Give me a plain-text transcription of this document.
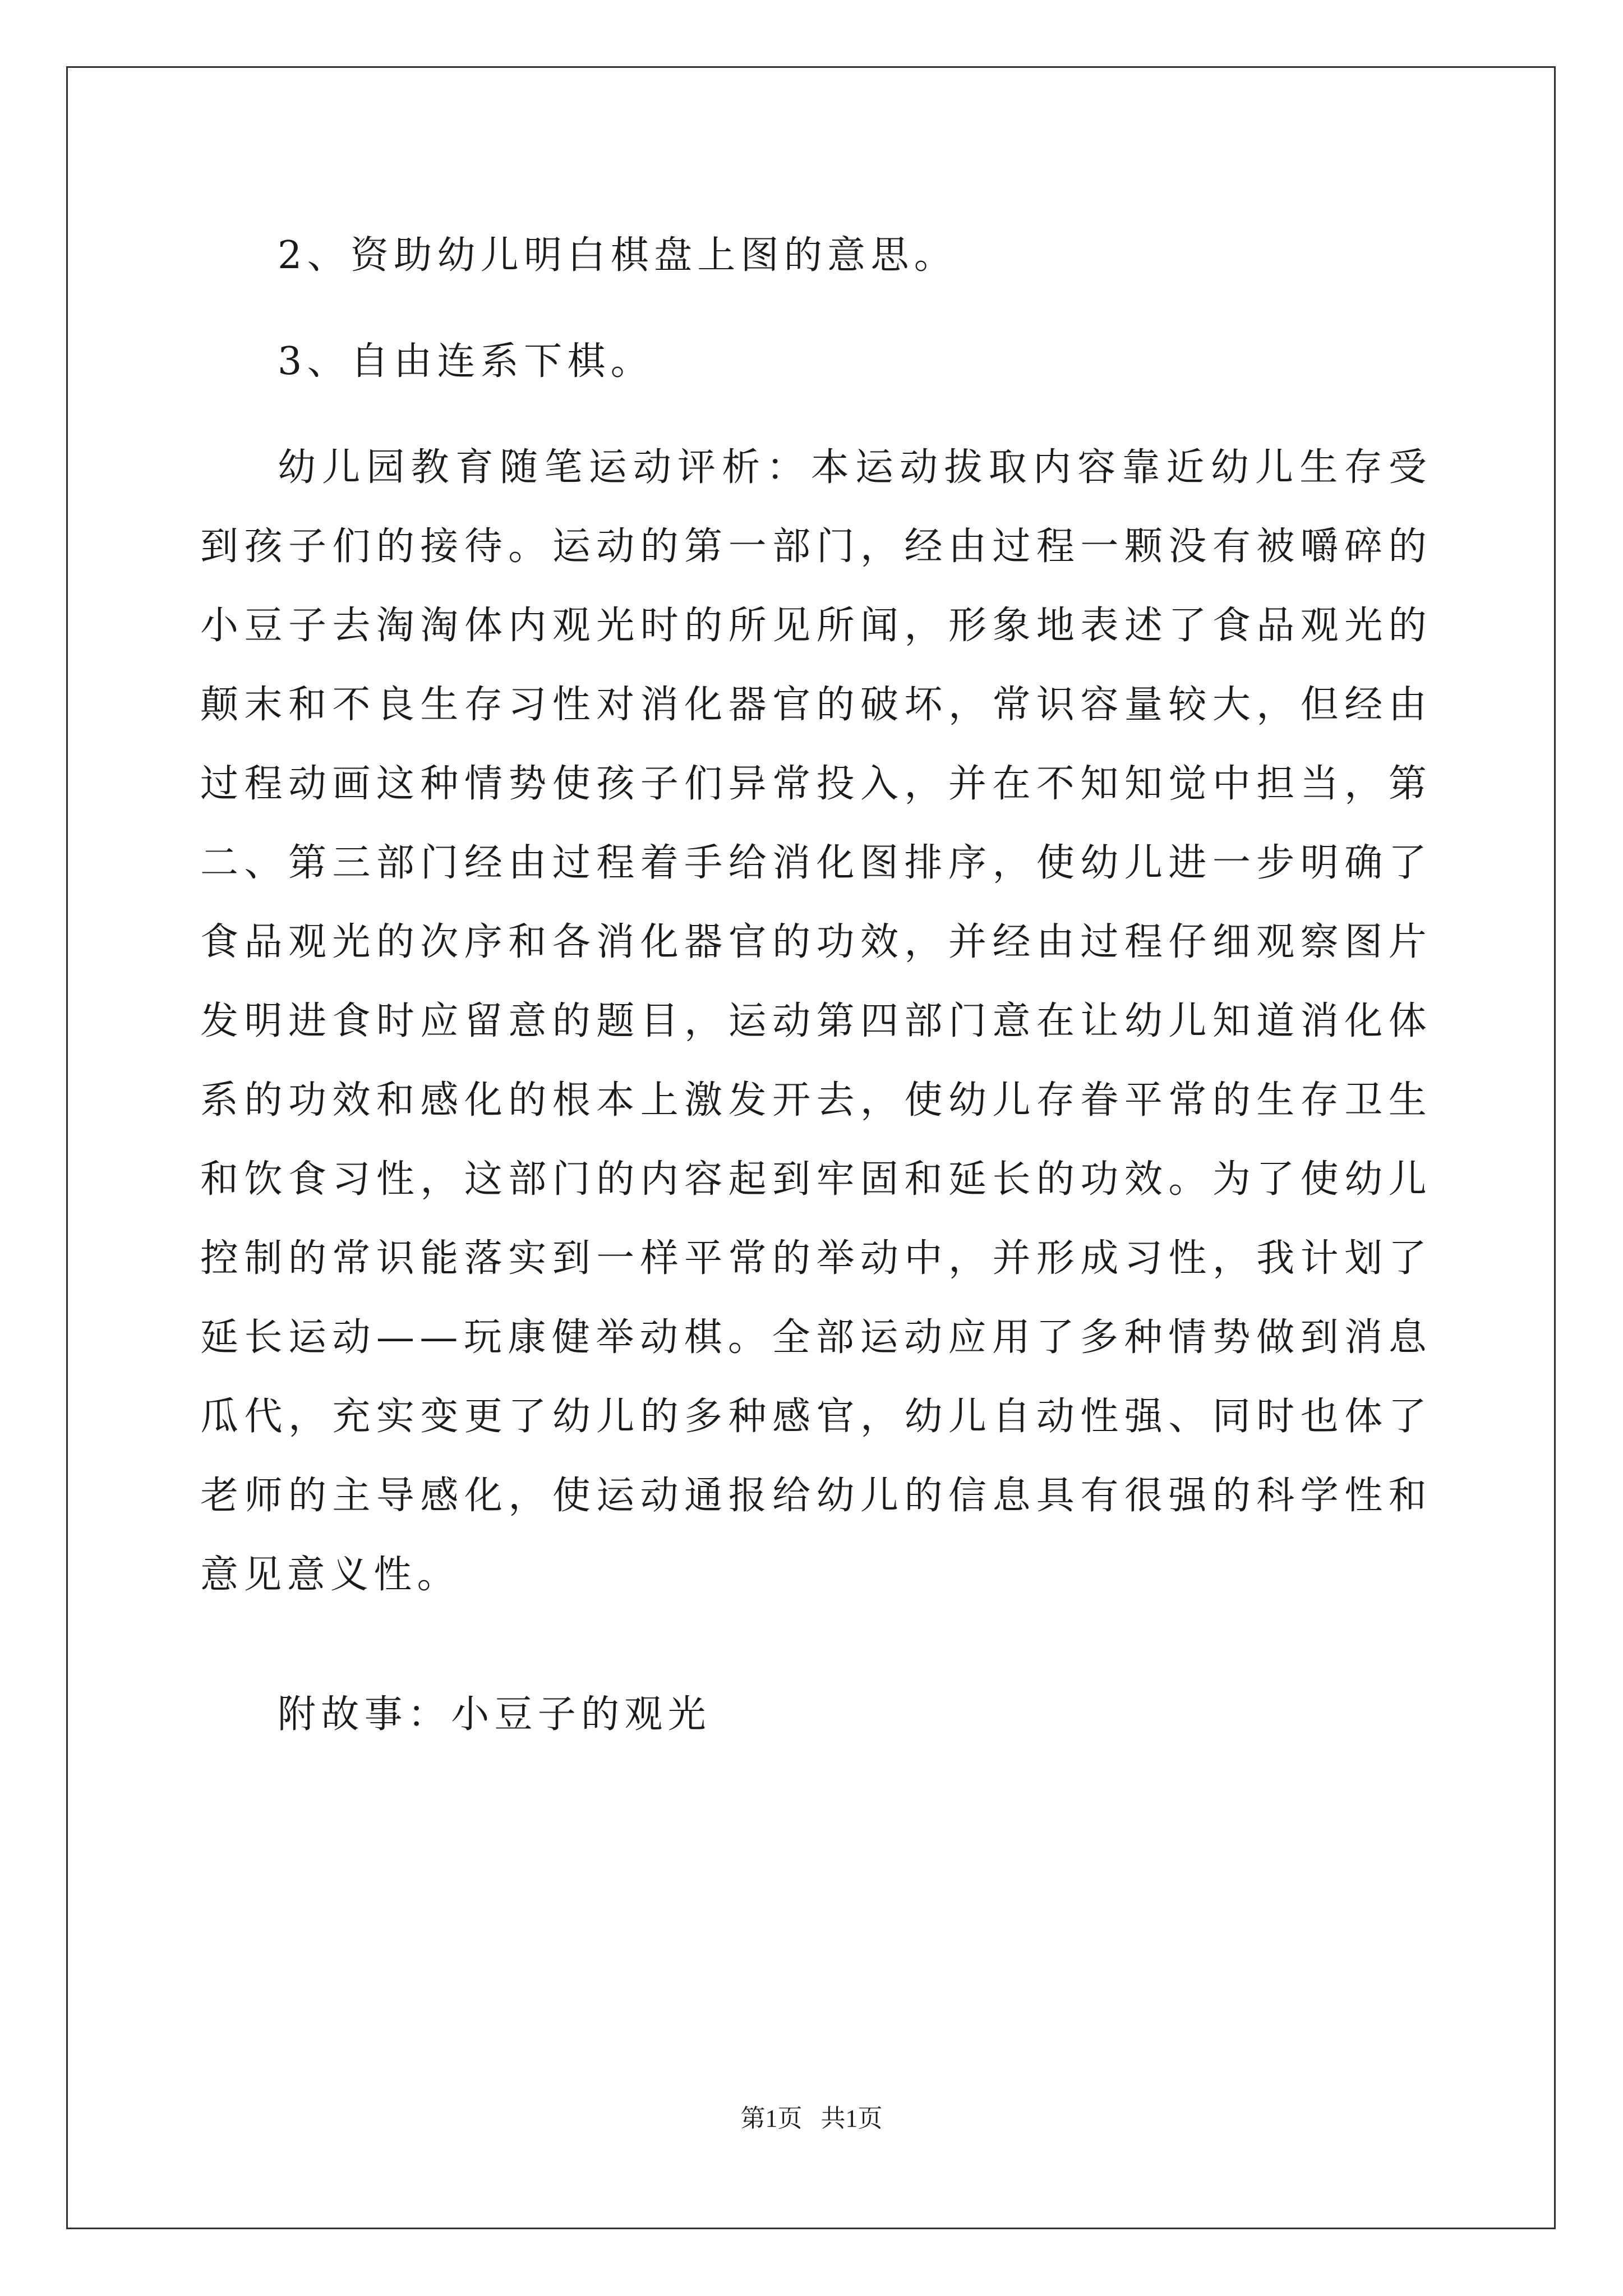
2、资助幼儿明白棋盘上图的意思。

3、自由连系下棋。

幼儿园教育随笔运动评析：本运动拔取内容靠近幼儿生存受到孩子们的接待。运动的第一部门，经由过程一颗没有被嚼碎的小豆子去淘淘体内观光时的所见所闻，形象地表述了食品观光的颠末和不良生存习性对消化器官的破坏，常识容量较大，但经由过程动画这种情势使孩子们异常投入，并在不知知觉中担当，第二、第三部门经由过程着手给消化图排序，使幼儿进一步明确了食品观光的次序和各消化器官的功效，并经由过程仔细观察图片发明进食时应留意的题目，运动第四部门意在让幼儿知道消化体系的功效和感化的根本上激发开去，使幼儿存眷平常的生存卫生和饮食习性，这部门的内容起到牢固和延长的功效。为了使幼儿控制的常识能落实到一样平常的举动中，并形成习性，我计划了延长运动——玩康健举动棋。全部运动应用了多种情势做到消息瓜代，充实变更了幼儿的多种感官，幼儿自动性强、同时也体了老师的主导感化，使运动通报给幼儿的信息具有很强的科学性和意见意义性。

附故事：小豆子的观光

第1页   共1页
